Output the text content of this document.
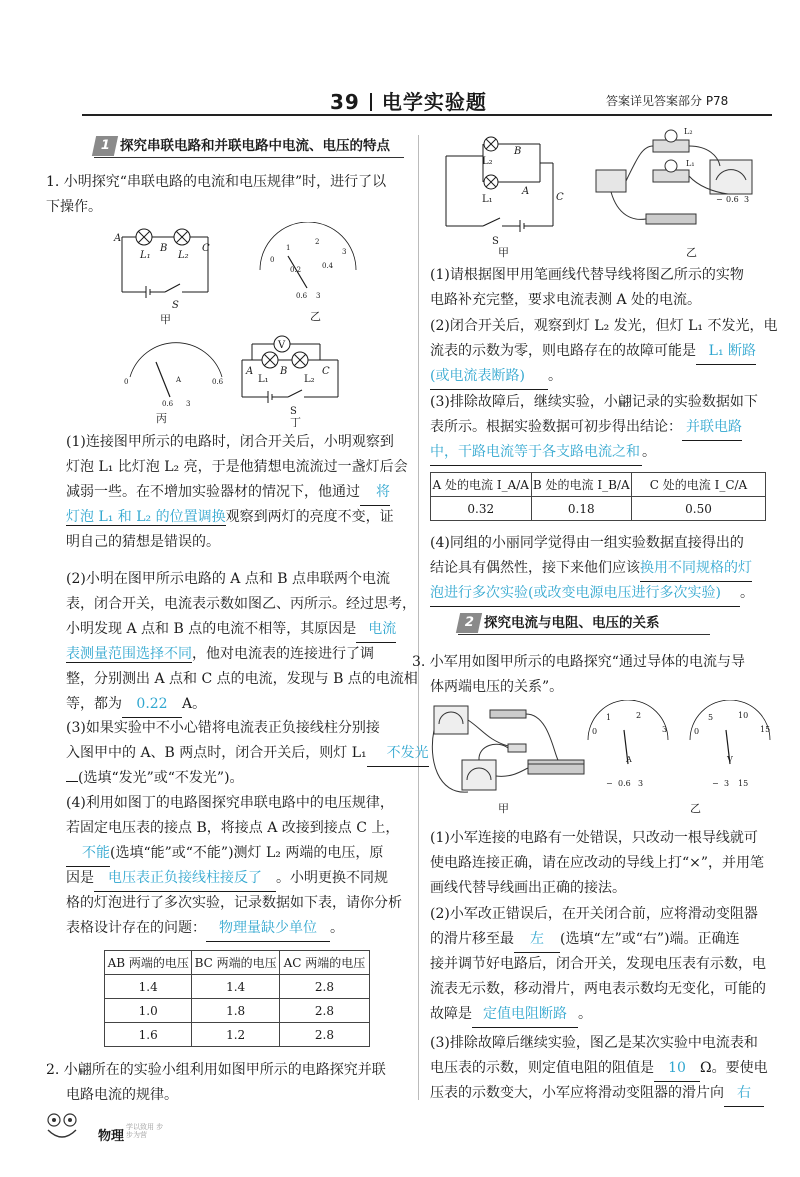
39 电学实验题	答案详见答案部分 P78
1 探究串联电路和并联电路中电流、电压的特点
1. 小明探究“串联电路的电流和电压规律”时，进行了以
下操作。
A
B	C
L₁	L₂
S
甲
0
1
2
3
0.2	0.4
0.6 3
乙
0	A	0.6
0.6 3
丙
V
A	B	C
L₁	L₂
S
丁
(1)连接图甲所示的电路时，闭合开关后，小明观察到
灯泡 L₁ 比灯泡 L₂ 亮，于是他猜想电流流过一盏灯后会
减弱一些。在不增加实验器材的情况下，他通过 将
灯泡 L₁ 和 L₂ 的位置调换观察到两灯的亮度不变，证
明自己的猜想是错误的。
(2)小明在图甲所示电路的 A 点和 B 点串联两个电流
表，闭合开关，电流表示数如图乙、丙所示。经过思考，
小明发现 A 点和 B 点的电流不相等，其原因是 电流
表测量范围选择不同，他对电流表的连接进行了调
整，分别测出 A 点和 C 点的电流，发现与 B 点的电流相
等，都为 0.22 A。
(3)如果实验中不小心错将电流表正负接线柱分别接
入图甲中的 A、B 两点时，闭合开关后，则灯 L₁ 不发光
(选填“发光”或“不发光”)。
(4)利用如图丁的电路图探究串联电路中的电压规律，
若固定电压表的接点 B，将接点 A 改接到接点 C 上，
不能(选填“能”或“不能”)测灯 L₂ 两端的电压，原
因是 电压表正负接线柱接反了 。小明更换不同规
格的灯泡进行了多次实验，记录数据如下表，请你分析
表格设计存在的问题： 物理量缺少单位 。
AB 两端的电压	BC 两端的电压	AC 两端的电压
1.4	1.4	2.8
1.0	1.8	2.8
1.6	1.2	2.8
2. 小翩所在的实验小组利用如图甲所示的电路探究并联
电路电流的规律。
L₂
B
L₁
A
C
S
甲
L₂
L₁
− 0.6 3
乙
(1)请根据图甲用笔画线代替导线将图乙所示的实物
电路补充完整，要求电流表测 A 处的电流。
(2)闭合开关后，观察到灯 L₂ 发光，但灯 L₁ 不发光，电
流表的示数为零，则电路存在的故障可能是 L₁ 断路
(或电流表断路) 。
(3)排除故障后，继续实验，小翩记录的实验数据如下
表所示。根据实验数据可初步得出结论： 并联电路
中，干路电流等于各支路电流之和 。
A 处的电流 I_A/A	B 处的电流 I_B/A	C 处的电流 I_C/A
0.32	0.18	0.50
(4)同组的小丽同学觉得由一组实验数据直接得出的
结论具有偶然性，接下来他们应该换用不同规格的灯
泡进行多次实验(或改变电源电压进行多次实验) 。
2 探究电流与电阻、电压的关系
3. 小军用如图甲所示的电路探究“通过导体的电流与导
体两端电压的关系”。
甲
0
1	2
3
A
− 0.6 3
0
5	10
15
V
− 3 15
乙
(1)小军连接的电路有一处错误，只改动一根导线就可
使电路连接正确，请在应改动的导线上打“×”，并用笔
画线代替导线画出正确的接法。
(2)小军改正错误后，在开关闭合前，应将滑动变阻器
的滑片移至最 左 (选填“左”或“右”)端。正确连
接并调节好电路后，闭合开关，发现电压表有示数，电
流表无示数，移动滑片，两电表示数均无变化，可能的
故障是 定值电阻断路 。
(3)排除故障后继续实验，图乙是某次实验中电流表和
电压表的示数，则定值电阻的阻值是 10 Ω。要使电
压表的示数变大，小军应将滑动变阻器的滑片向 右
物理
学以致用 步步为营
